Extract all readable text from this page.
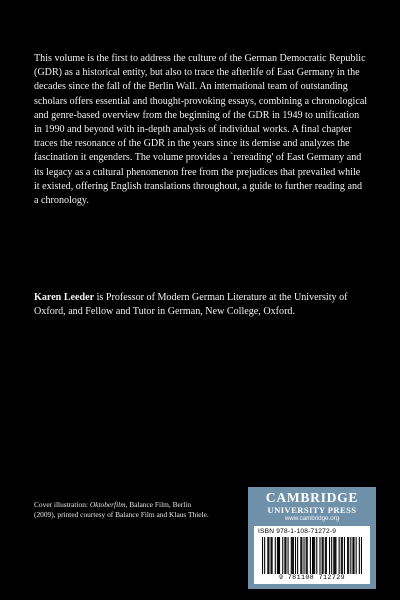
This volume is the first to address the culture of the German Democratic Republic (GDR) as a historical entity, but also to trace the afterlife of East Germany in the decades since the fall of the Berlin Wall. An international team of outstanding scholars offers essential and thought-provoking essays, combining a chronological and genre-based overview from the beginning of the GDR in 1949 to unification in 1990 and beyond with in-depth analysis of individual works. A final chapter traces the resonance of the GDR in the years since its demise and analyzes the fascination it engenders. The volume provides a `rereading' of East Germany and its legacy as a cultural phenomenon free from the prejudices that prevailed while it existed, offering English translations throughout, a guide to further reading and a chronology.

Karen Leeder is Professor of Modern German Literature at the University of Oxford, and Fellow and Tutor in German, New College, Oxford.

Cover illustration: Oktoberfilm, Balance Film, Berlin (2009), printed courtesy of Balance Film and Klaus Thiele.

CAMBRIDGE
UNIVERSITY PRESS
www.cambridge.org
ISBN 978-1-108-71272-9
9 781108 712729
